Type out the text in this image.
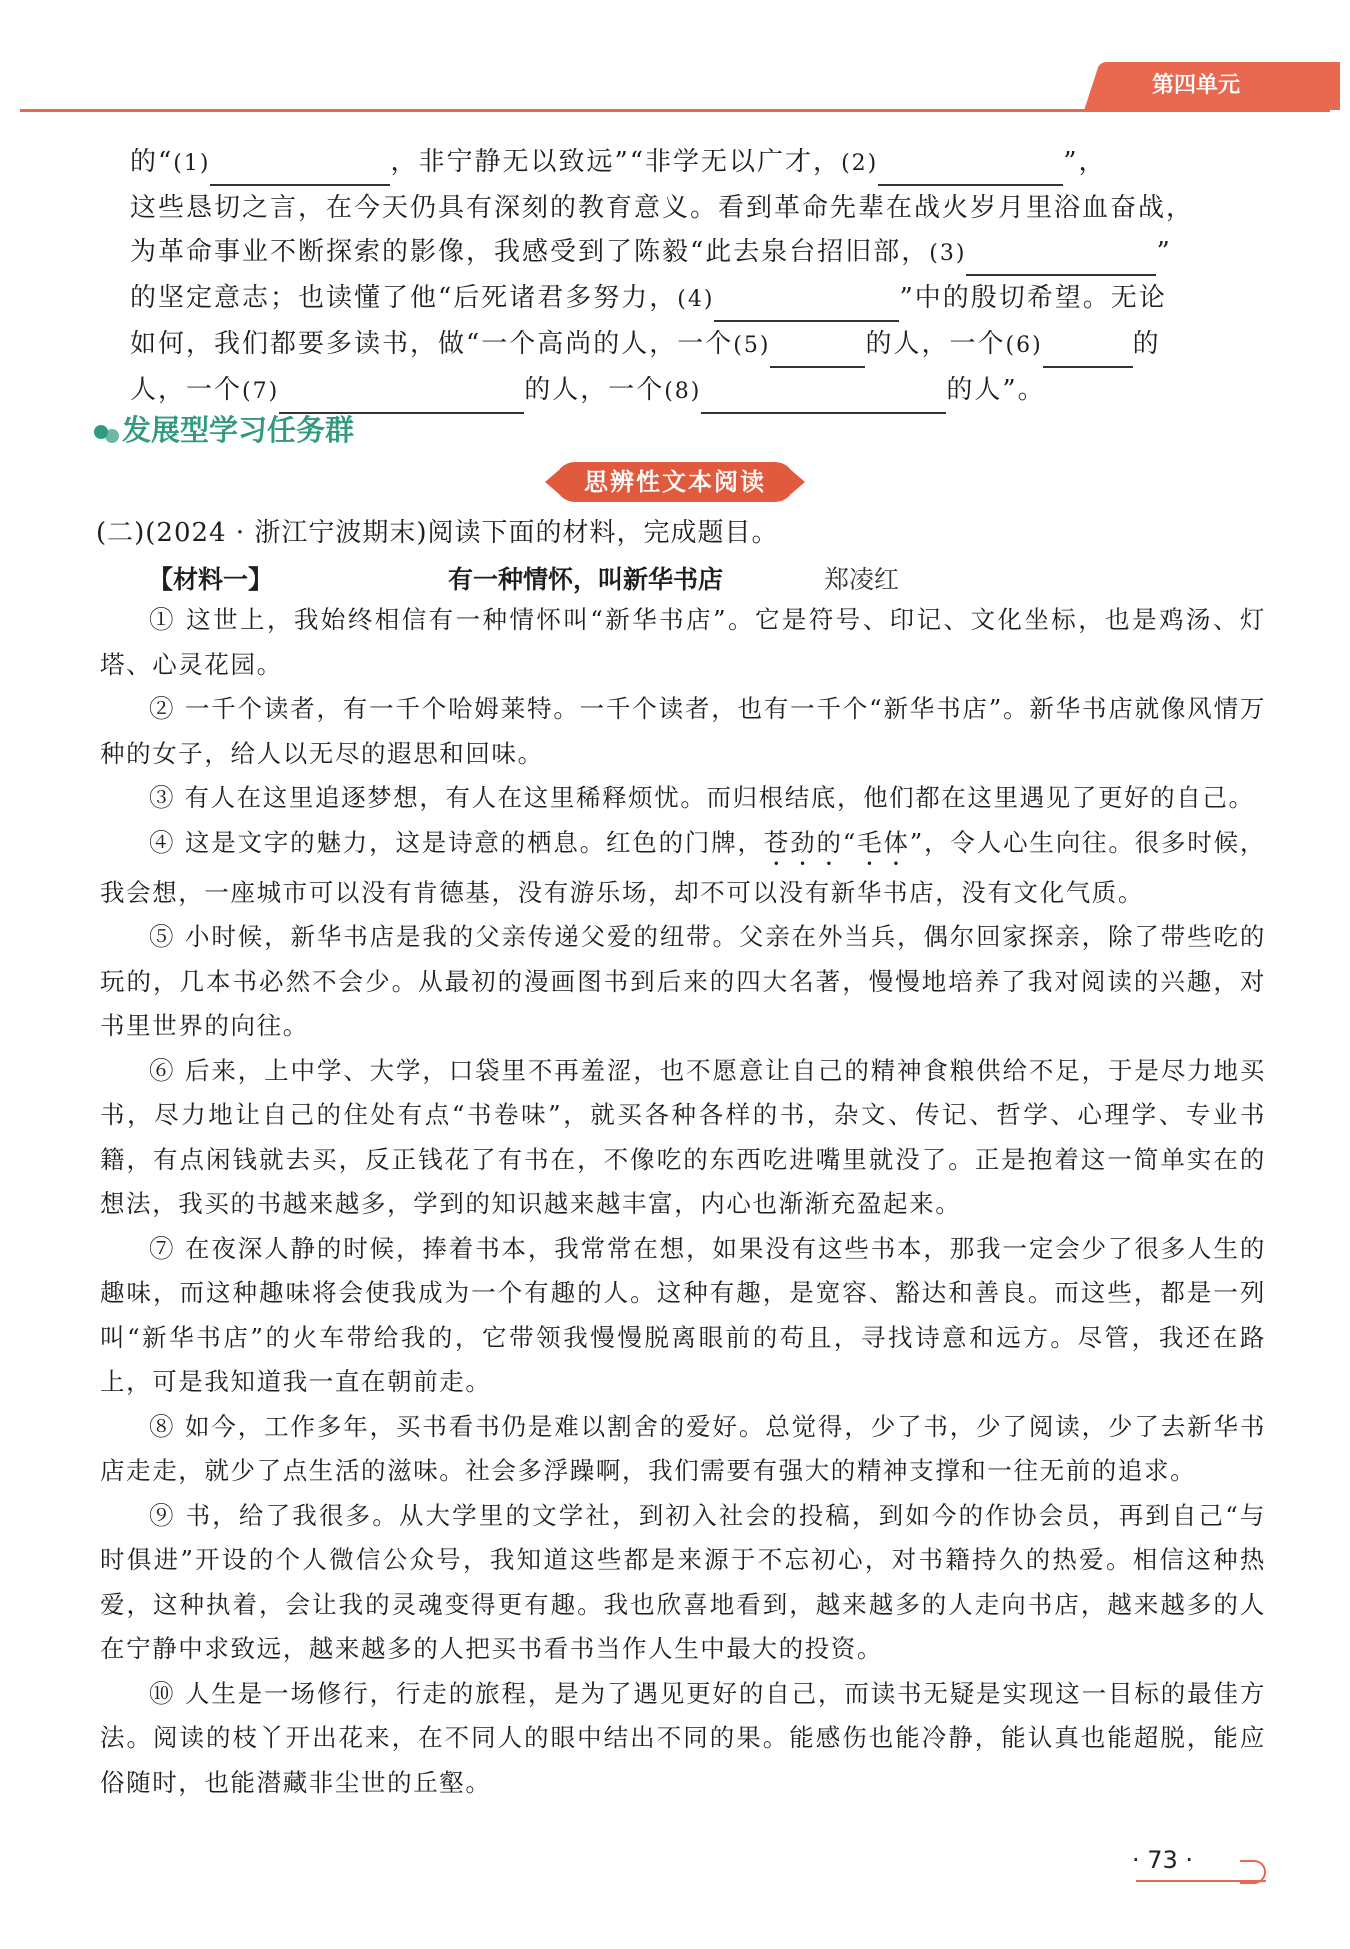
第四单元
的“(1)	，非宁静无以致远”“非学无以广才，(2)	”，
这些恳切之言，在今天仍具有深刻的教育意义。看到革命先辈在战火岁月里浴血奋战，
为革命事业不断探索的影像，我感受到了陈毅“此去泉台招旧部，(3)	”
的坚定意志；也读懂了他“后死诸君多努力，(4)	”中的殷切希望。无论
如何，我们都要多读书，做“一个高尚的人，一个(5)	的人，一个(6)	的
人，一个(7)	的人，一个(8)	的人”。
发展型学习任务群
思辨性文本阅读
(二)(2024 · 浙江宁波期末)阅读下面的材料，完成题目。
【材料一】	有一种情怀，叫新华书店	郑凌红

① 这世上，我始终相信有一种情怀叫“新华书店”。它是符号、印记、文化坐标，也是鸡汤、灯塔、心灵花园。

② 一千个读者，有一千个哈姆莱特。一千个读者，也有一千个“新华书店”。新华书店就像风情万种的女子，给人以无尽的遐思和回味。

③ 有人在这里追逐梦想，有人在这里稀释烦忧。而归根结底，他们都在这里遇见了更好的自己。

④ 这是文字的魅力，这是诗意的栖息。红色的门牌，苍劲的“毛体”，令人心生向往。很多时候，我会想，一座城市可以没有肯德基，没有游乐场，却不可以没有新华书店，没有文化气质。

⑤ 小时候，新华书店是我的父亲传递父爱的纽带。父亲在外当兵，偶尔回家探亲，除了带些吃的玩的，几本书必然不会少。从最初的漫画图书到后来的四大名著，慢慢地培养了我对阅读的兴趣，对书里世界的向往。

⑥ 后来，上中学、大学，口袋里不再羞涩，也不愿意让自己的精神食粮供给不足，于是尽力地买书，尽力地让自己的住处有点“书卷味”，就买各种各样的书，杂文、传记、哲学、心理学、专业书籍，有点闲钱就去买，反正钱花了有书在，不像吃的东西吃进嘴里就没了。正是抱着这一简单实在的想法，我买的书越来越多，学到的知识越来越丰富，内心也渐渐充盈起来。

⑦ 在夜深人静的时候，捧着书本，我常常在想，如果没有这些书本，那我一定会少了很多人生的趣味，而这种趣味将会使我成为一个有趣的人。这种有趣，是宽容、豁达和善良。而这些，都是一列叫“新华书店”的火车带给我的，它带领我慢慢脱离眼前的苟且，寻找诗意和远方。尽管，我还在路上，可是我知道我一直在朝前走。

⑧ 如今，工作多年，买书看书仍是难以割舍的爱好。总觉得，少了书，少了阅读，少了去新华书店走走，就少了点生活的滋味。社会多浮躁啊，我们需要有强大的精神支撑和一往无前的追求。

⑨ 书，给了我很多。从大学里的文学社，到初入社会的投稿，到如今的作协会员，再到自己“与时俱进”开设的个人微信公众号，我知道这些都是来源于不忘初心，对书籍持久的热爱。相信这种热爱，这种执着，会让我的灵魂变得更有趣。我也欣喜地看到，越来越多的人走向书店，越来越多的人在宁静中求致远，越来越多的人把买书看书当作人生中最大的投资。

⑩ 人生是一场修行，行走的旅程，是为了遇见更好的自己，而读书无疑是实现这一目标的最佳方法。阅读的枝丫开出花来，在不同人的眼中结出不同的果。能感伤也能冷静，能认真也能超脱，能应俗随时，也能潜藏非尘世的丘壑。

· 73 ·
